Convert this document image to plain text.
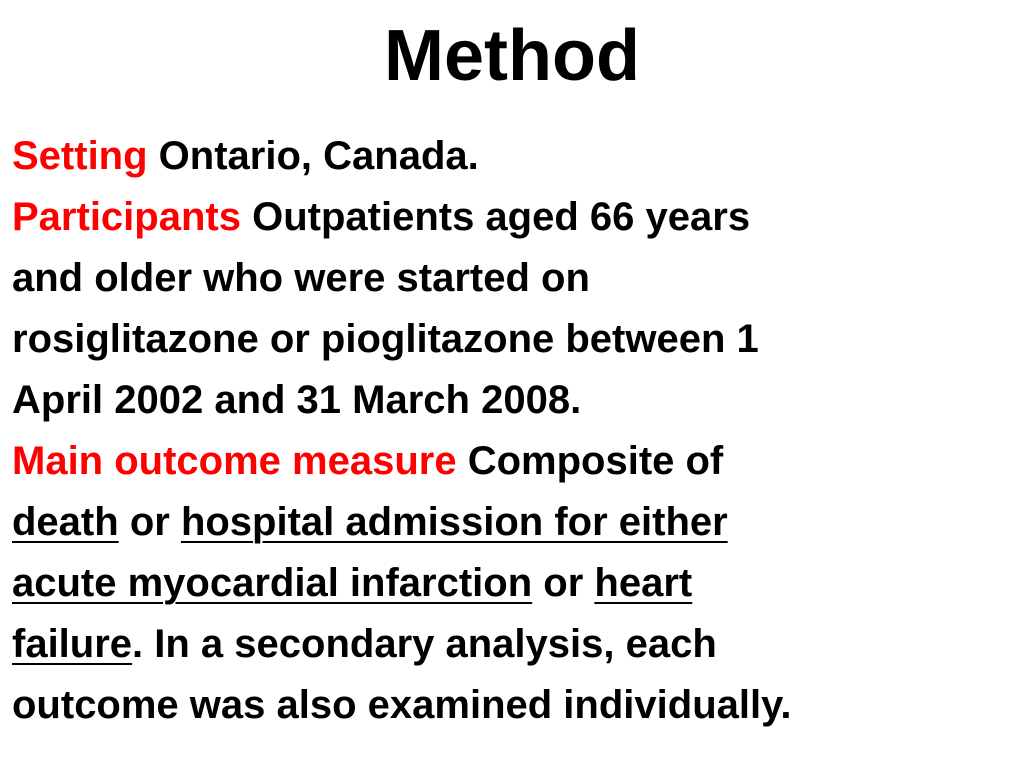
Method
Setting Ontario, Canada.
Participants Outpatients aged 66 years
and older who were started on
rosiglitazone or pioglitazone between 1
April 2002 and 31 March 2008.
Main outcome measure Composite of
death or hospital admission for either
acute myocardial infarction or heart
failure. In a secondary analysis, each
outcome was also examined individually.
